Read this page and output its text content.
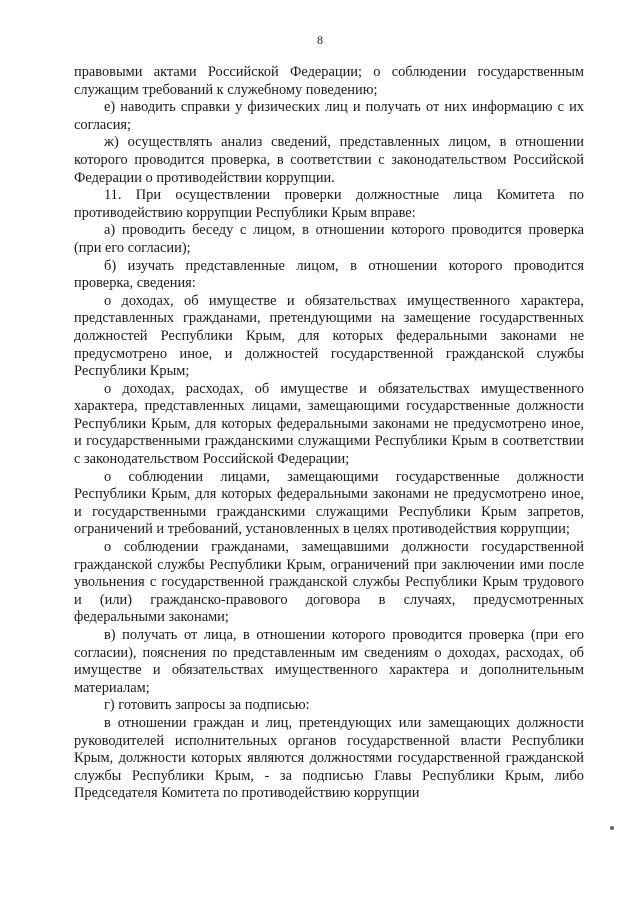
8

правовыми актами Российской Федерации; о соблюдении государственным служащим требований к служебному поведению;

е) наводить справки у физических лиц и получать от них информацию с их согласия;

ж) осуществлять анализ сведений, представленных лицом, в отношении которого проводится проверка, в соответствии с законодательством Российской Федерации о противодействии коррупции.

11. При осуществлении проверки должностные лица Комитета по противодействию коррупции Республики Крым вправе:

а) проводить беседу с лицом, в отношении которого проводится проверка (при его согласии);

б) изучать представленные лицом, в отношении которого проводится проверка, сведения:

о доходах, об имуществе и обязательствах имущественного характера, представленных гражданами, претендующими на замещение государственных должностей Республики Крым, для которых федеральными законами не предусмотрено иное, и должностей государственной гражданской службы Республики Крым;

о доходах, расходах, об имуществе и обязательствах имущественного характера, представленных лицами, замещающими государственные должности Республики Крым, для которых федеральными законами не предусмотрено иное, и государственными гражданскими служащими Республики Крым в соответствии с законодательством Российской Федерации;

о соблюдении лицами, замещающими государственные должности Республики Крым, для которых федеральными законами не предусмотрено иное, и государственными гражданскими служащими Республики Крым запретов, ограничений и требований, установленных в целях противодействия коррупции;

о соблюдении гражданами, замещавшими должности государственной гражданской службы Республики Крым, ограничений при заключении ими после увольнения с государственной гражданской службы Республики Крым трудового и (или) гражданско-правового договора в случаях, предусмотренных федеральными законами;

в) получать от лица, в отношении которого проводится проверка (при его согласии), пояснения по представленным им сведениям о доходах, расходах, об имуществе и обязательствах имущественного характера и дополнительным материалам;

г) готовить запросы за подписью:

в отношении граждан и лиц, претендующих или замещающих должности руководителей исполнительных органов государственной власти Республики Крым, должности которых являются должностями государственной гражданской службы Республики Крым, - за подписью Главы Республики Крым, либо Председателя Комитета по противодействию коррупции
